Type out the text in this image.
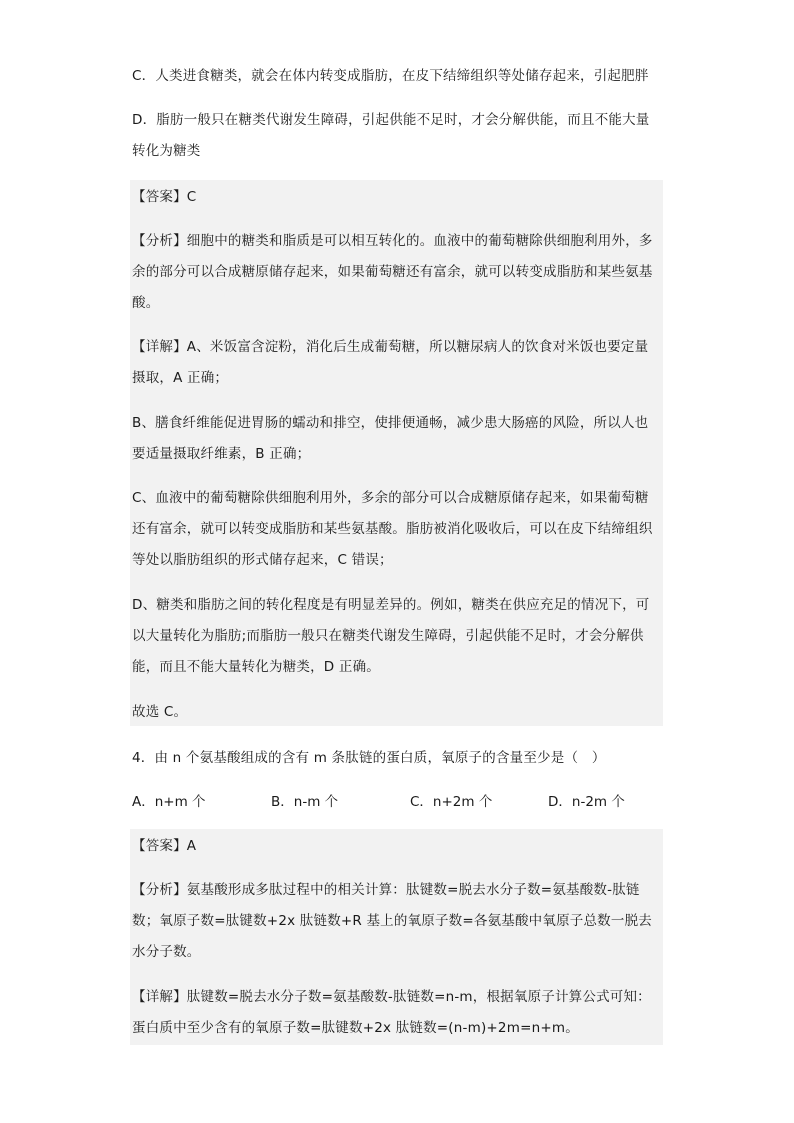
C．人类进食糖类，就会在体内转变成脂肪，在皮下结缔组织等处储存起来，引起肥胖

D．脂肪一般只在糖类代谢发生障碍，引起供能不足时，才会分解供能，而且不能大量转化为糖类

【答案】C

【分析】细胞中的糖类和脂质是可以相互转化的。血液中的葡萄糖除供细胞利用外，多余的部分可以合成糖原储存起来，如果葡萄糖还有富余，就可以转变成脂肪和某些氨基酸。

【详解】A、米饭富含淀粉，消化后生成葡萄糖，所以糖尿病人的饮食对米饭也要定量摄取，A 正确；

B、膳食纤维能促进胃肠的蠕动和排空，使排便通畅，减少患大肠癌的风险，所以人也要适量摄取纤维素，B 正确；

C、血液中的葡萄糖除供细胞利用外，多余的部分可以合成糖原储存起来，如果葡萄糖还有富余，就可以转变成脂肪和某些氨基酸。脂肪被消化吸收后，可以在皮下结缔组织等处以脂肪组织的形式储存起来，C 错误；

D、糖类和脂肪之间的转化程度是有明显差异的。例如，糖类在供应充足的情况下，可以大量转化为脂肪;而脂肪一般只在糖类代谢发生障碍，引起供能不足时，才会分解供能，而且不能大量转化为糖类，D 正确。

故选 C。

4．由 n 个氨基酸组成的含有 m 条肽链的蛋白质，氧原子的含量至少是（　）

A．n+m 个	B．n-m 个	C．n+2m 个	D．n-2m 个

【答案】A

【分析】氨基酸形成多肽过程中的相关计算：肽键数=脱去水分子数=氨基酸数-肽链数；氧原子数=肽键数+2x 肽链数+R 基上的氧原子数=各氨基酸中氧原子总数一脱去水分子数。

【详解】肽键数=脱去水分子数=氨基酸数-肽链数=n-m，根据氧原子计算公式可知：蛋白质中至少含有的氧原子数=肽键数+2x 肽链数=(n-m)+2m=n+m。
